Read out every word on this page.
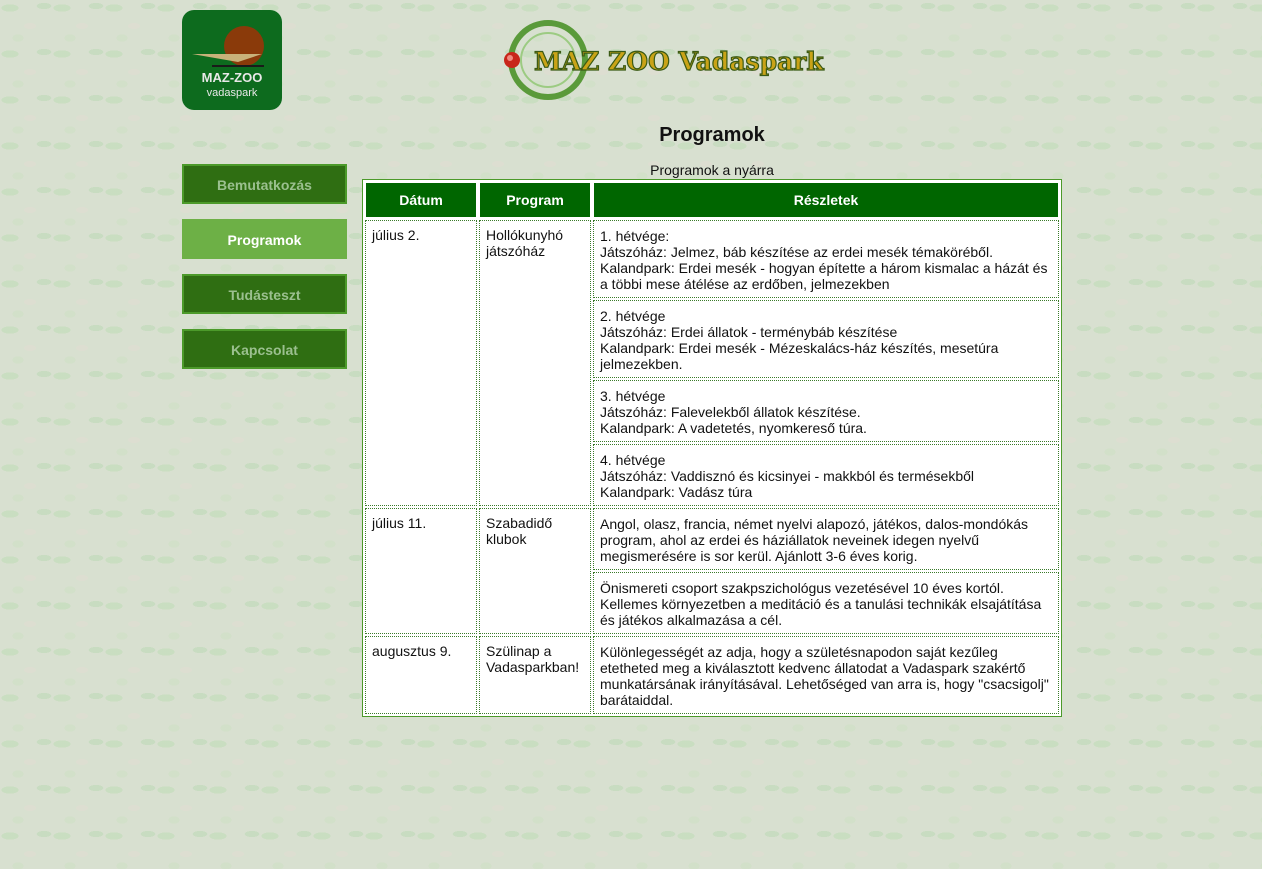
MAZ-ZOO
vadaspark
MAZ ZOO Vadaspark
Programok
Bemutatkozás
Programok
Tudásteszt
Kapcsolat
Programok a nyárra
Dátum	Program	Részletek
július 2.	Hollókunyhó játszóház	1. hétvége:
Játszóház: Jelmez, báb készítése az erdei mesék témaköréből.
Kalandpark: Erdei mesék - hogyan építette a három kismalac a házát és a többi mese átélése az erdőben, jelmezekben

		2. hétvége
Játszóház: Erdei állatok - terménybáb készítése
Kalandpark: Erdei mesék - Mézeskalács-ház készítés, mesetúra jelmezekben.

		3. hétvége
Játszóház: Falevelekből állatok készítése.
Kalandpark: A vadetetés, nyomkereső túra.

		4. hétvége
Játszóház: Vaddisznó és kicsinyei - makkból és termésekből
Kalandpark: Vadász túra

július 11.	Szabadidő klubok	Angol, olasz, francia, német nyelvi alapozó, játékos, dalos-mondókás program, ahol az erdei és háziállatok neveinek idegen nyelvű megismerésére is sor kerül. Ajánlott 3-6 éves korig.

		Önismereti csoport szakpszichológus vezetésével 10 éves kortól. Kellemes környezetben a meditáció és a tanulási technikák elsajátítása és játékos alkalmazása a cél.

augusztus 9.	Szülinap a Vadasparkban!	Különlegességét az adja, hogy a születésnapodon saját kezűleg etetheted meg a kiválasztott kedvenc állatodat a Vadaspark szakértő munkatársának irányításával. Lehetőséged van arra is, hogy "csacsigolj" barátaiddal.
